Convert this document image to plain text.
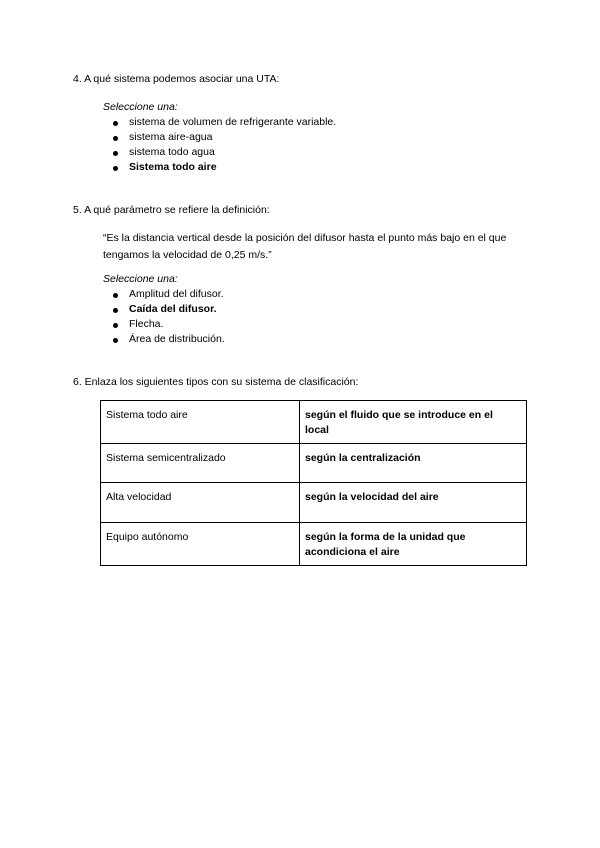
4. A qué sistema podemos asociar una UTA:

Seleccione una:

sistema de volumen de refrigerante variable.
sistema aire-agua
sistema todo agua
Sistema todo aire

5. A qué parámetro se refiere la definición:

“Es la distancia vertical desde la posición del difusor hasta el punto más bajo en el que

tengamos la velocidad de 0,25 m/s.”

Seleccione una:

Amplitud del difusor.
Caída del difusor.
Flecha.
Área de distribución.

6. Enlaza los siguientes tipos con su sistema de clasificación:

Sistema todo aire	según el fluido que se introduce en el
local
Sistema semicentralizado	según la centralización
Alta velocidad	según la velocidad del aire
Equipo autónomo	según la forma de la unidad que
acondiciona el aire
